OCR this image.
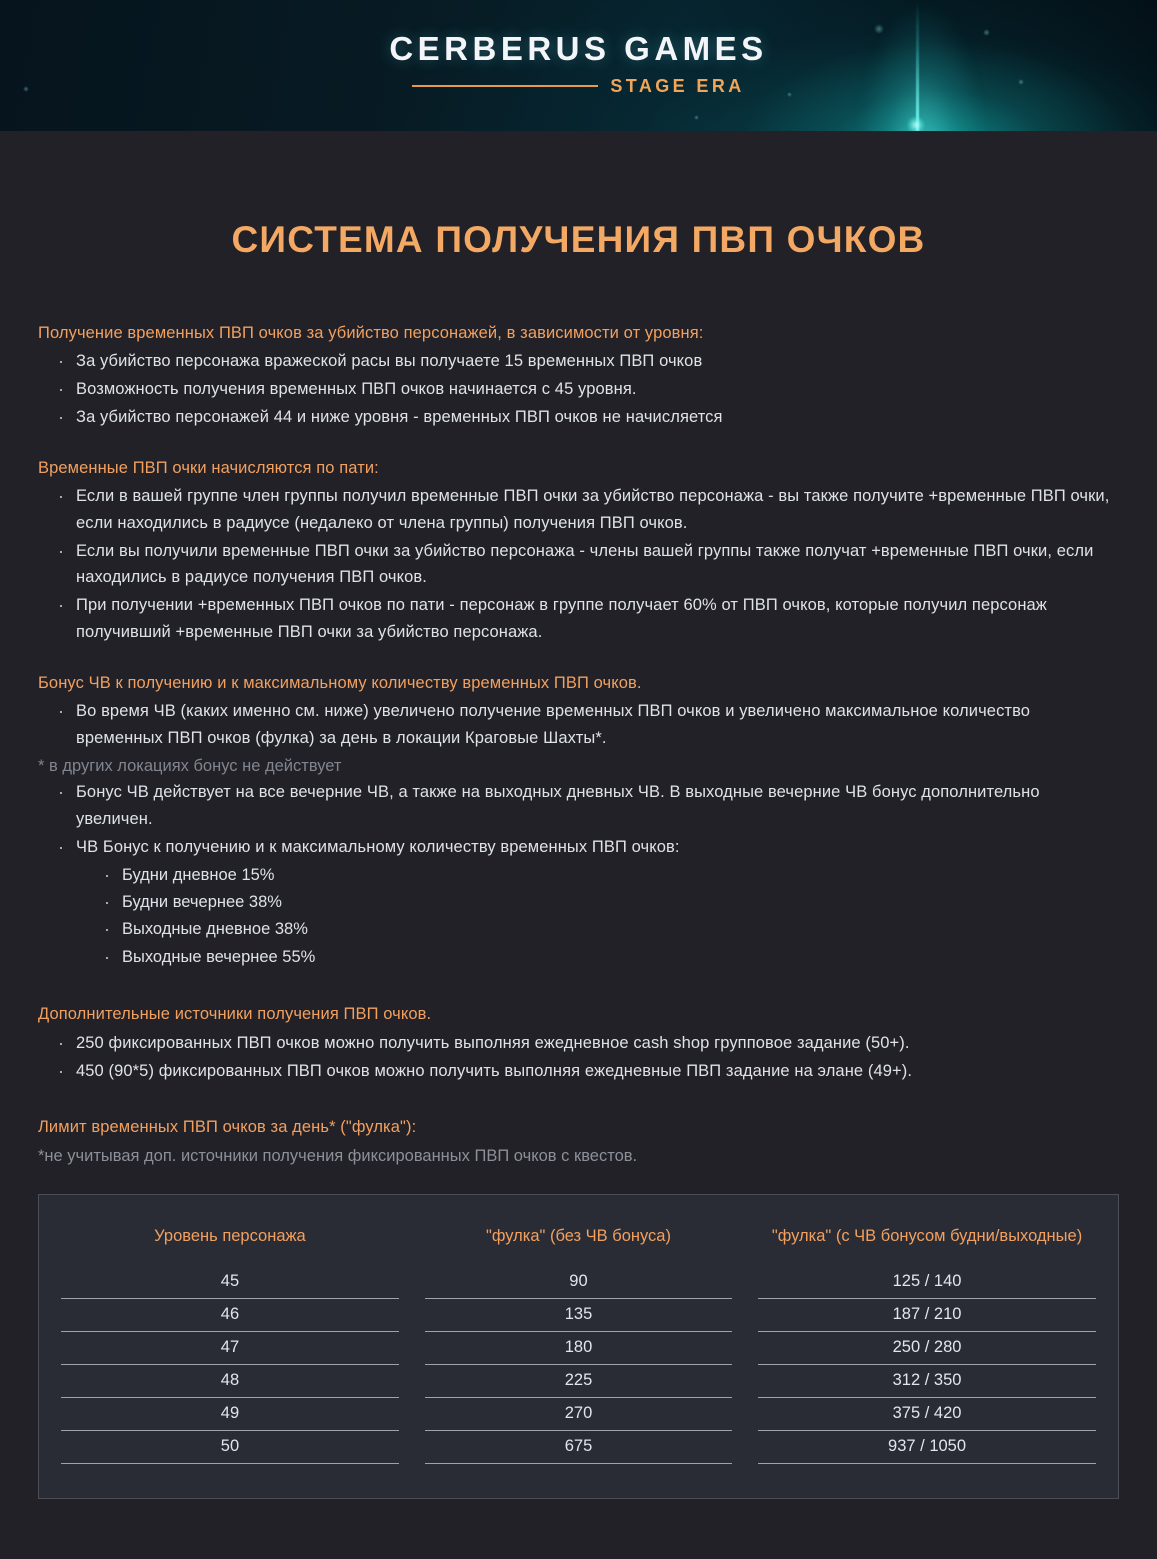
CERBERUS GAMES
STAGE ERA
СИСТЕМА ПОЛУЧЕНИЯ ПВП ОЧКОВ

Получение временных ПВП очков за убийство персонажей, в зависимости от уровня:

· За убийство персонажа вражеской расы вы получаете 15 временных ПВП очков
· Возможность получения временных ПВП очков начинается с 45 уровня.
· За убийство персонажей 44 и ниже уровня - временных ПВП очков не начисляется

Временные ПВП очки начисляются по пати:

· Если в вашей группе член группы получил временные ПВП очки за убийство персонажа - вы также получите +временные ПВП очки, если находились в радиусе (недалеко от члена группы) получения ПВП очков.
· Если вы получили временные ПВП очки за убийство персонажа - члены вашей группы также получат +временные ПВП очки, если находились в радиусе получения ПВП очков.
· При получении +временных ПВП очков по пати - персонаж в группе получает 60% от ПВП очков, которые получил персонаж получивший +временные ПВП очки за убийство персонажа.

Бонус ЧВ к получению и к максимальному количеству временных ПВП очков.

· Во время ЧВ (каких именно см. ниже) увеличено получение временных ПВП очков и увеличено максимальное количество временных ПВП очков (фулка) за день в локации Краговые Шахты*.

* в других локациях бонус не действует

· Бонус ЧВ действует на все вечерние ЧВ, а также на выходных дневных ЧВ. В выходные вечерние ЧВ бонус дополнительно увеличен.
· ЧВ Бонус к получению и к максимальному количеству временных ПВП очков:
· Будни дневное 15%
· Будни вечернее 38%
· Выходные дневное 38%
· Выходные вечернее 55%

Дополнительные источники получения ПВП очков.

· 250 фиксированных ПВП очков можно получить выполняя ежедневное cash shop групповое задание (50+).
· 450 (90*5) фиксированных ПВП очков можно получить выполняя ежедневные ПВП задание на элане (49+).

Лимит временных ПВП очков за день* ("фулка"):

*не учитывая доп. источники получения фиксированных ПВП очков с квестов.

Уровень персонажа		"фулка" (без ЧВ бонуса)		"фулка" (с ЧВ бонусом будни/выходные)
45		90		125 / 140
46		135		187 / 210
47		180		250 / 280
48		225		312 / 350
49		270		375 / 420
50		675		937 / 1050
